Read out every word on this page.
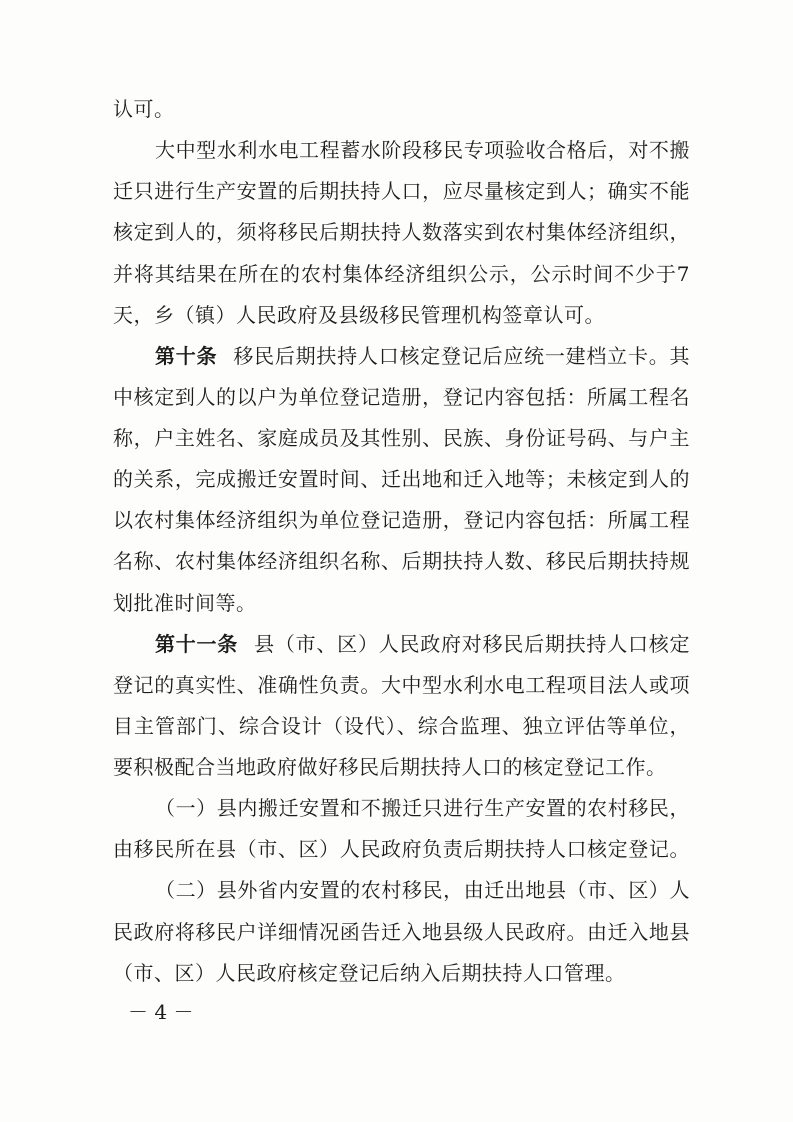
认可。
大中型水利水电工程蓄水阶段移民专项验收合格后，对不搬
迁只进行生产安置的后期扶持人口，应尽量核定到人；确实不能
核定到人的，须将移民后期扶持人数落实到农村集体经济组织，
并将其结果在所在的农村集体经济组织公示，公示时间不少于7
天，乡（镇）人民政府及县级移民管理机构签章认可。
第十条 移民后期扶持人口核定登记后应统一建档立卡。其
中核定到人的以户为单位登记造册，登记内容包括：所属工程名
称，户主姓名、家庭成员及其性别、民族、身份证号码、与户主
的关系，完成搬迁安置时间、迁出地和迁入地等；未核定到人的
以农村集体经济组织为单位登记造册，登记内容包括：所属工程
名称、农村集体经济组织名称、后期扶持人数、移民后期扶持规
划批准时间等。
第十一条 县（市、区）人民政府对移民后期扶持人口核定
登记的真实性、准确性负责。大中型水利水电工程项目法人或项
目主管部门、综合设计（设代）、综合监理、独立评估等单位，
要积极配合当地政府做好移民后期扶持人口的核定登记工作。
（一）县内搬迁安置和不搬迁只进行生产安置的农村移民，
由移民所在县（市、区）人民政府负责后期扶持人口核定登记。
（二）县外省内安置的农村移民，由迁出地县（市、区）人
民政府将移民户详细情况函告迁入地县级人民政府。由迁入地县
（市、区）人民政府核定登记后纳入后期扶持人口管理。
－ 4 －
